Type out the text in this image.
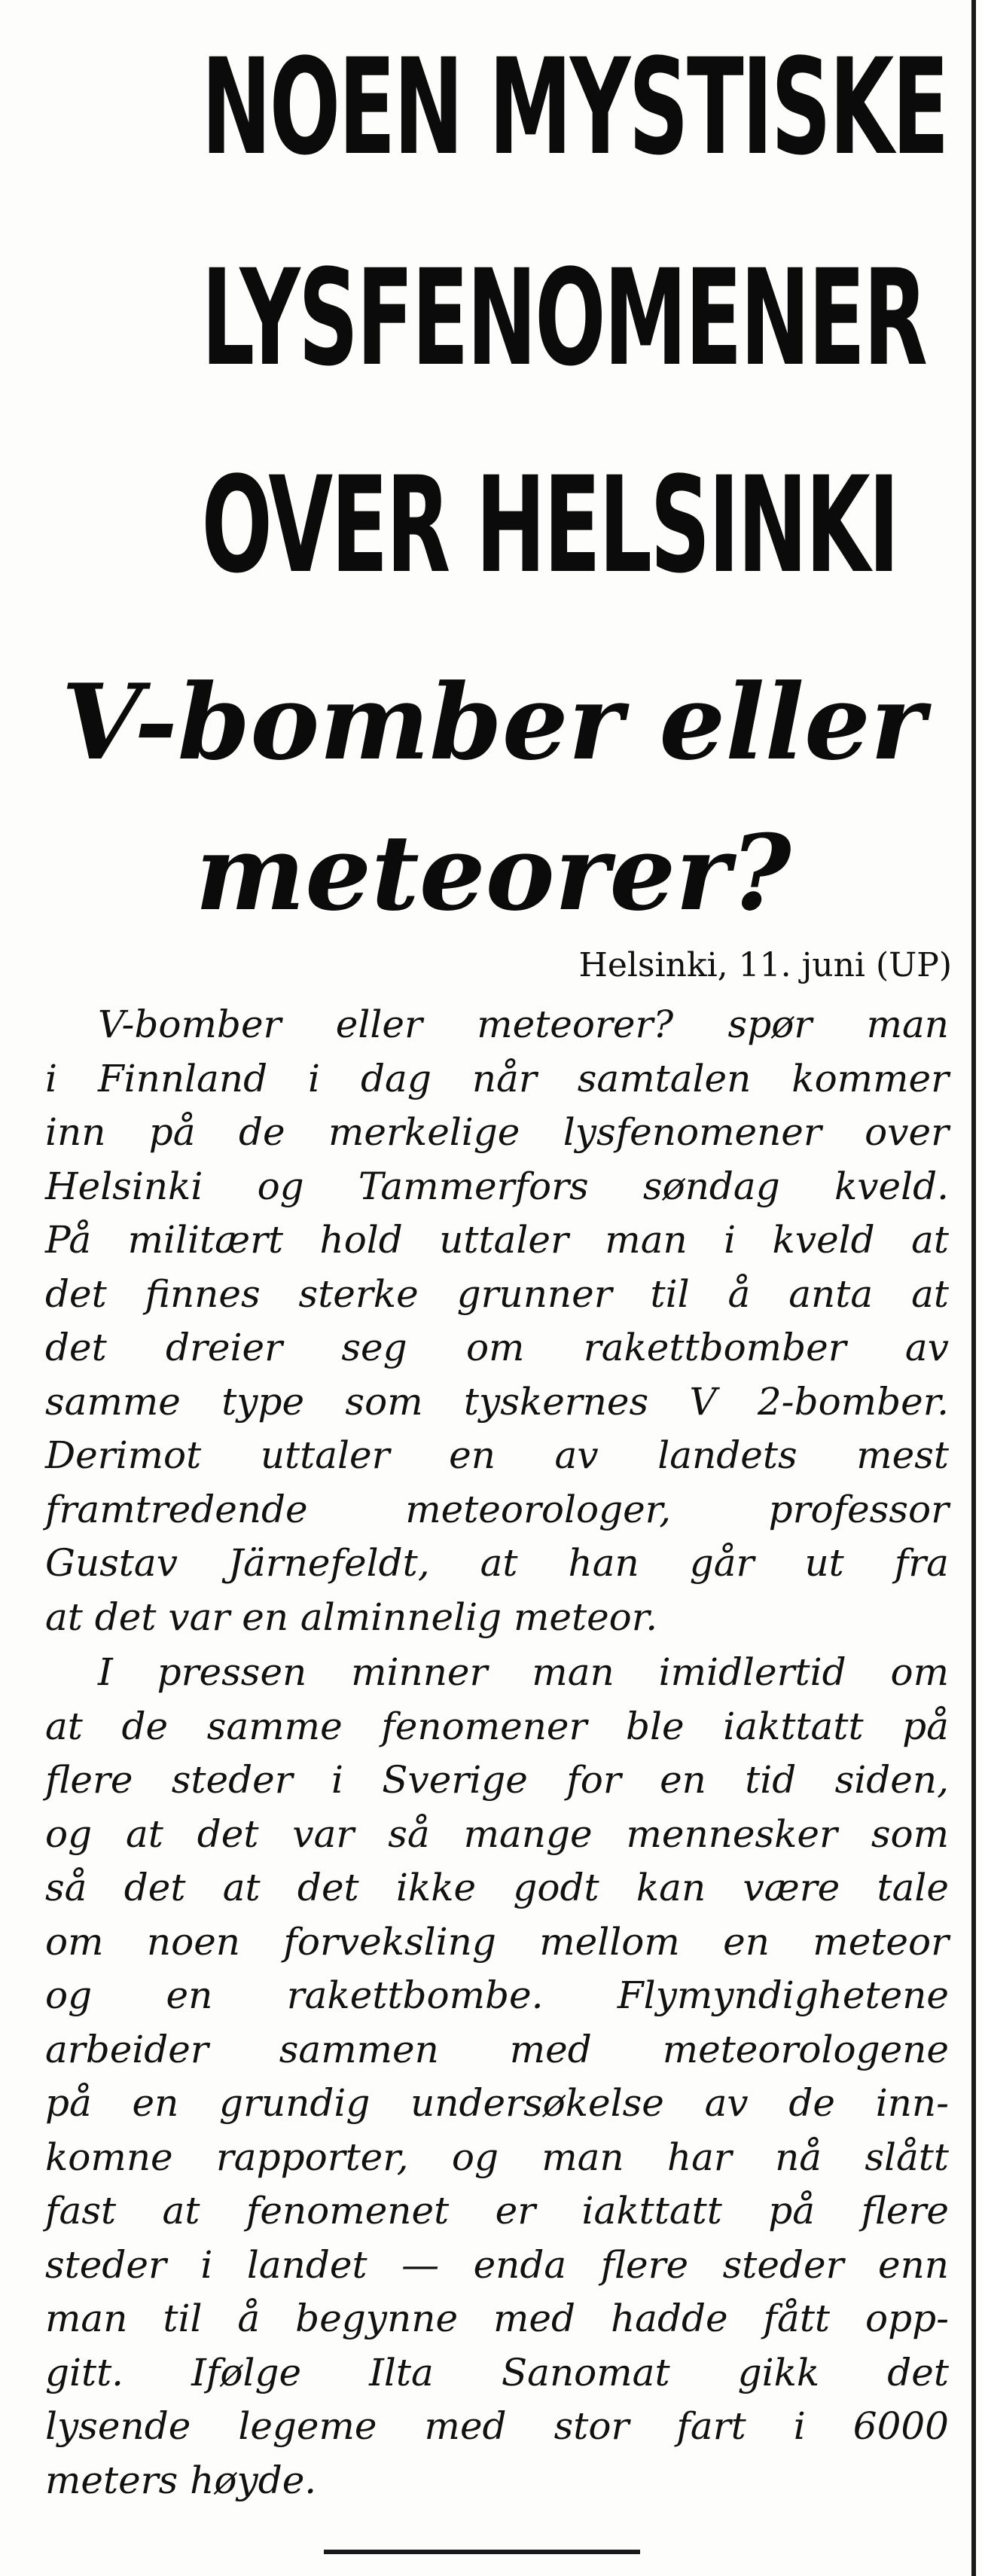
NOEN MYSTISKE
LYSFENOMENER
OVER HELSINKI
V-bomber eller
meteorer?
Helsinki, 11. juni (UP)
V-bomber eller meteorer? spør man
i Finnland i dag når samtalen kommer
inn på de merkelige lysfenomener over
Helsinki og Tammerfors søndag kveld.
På militært hold uttaler man i kveld at
det finnes sterke grunner til å anta at
det dreier seg om rakettbomber av
samme type som tyskernes V 2-bomber.
Derimot uttaler en av landets mest
framtredende meteorologer, professor
Gustav Järnefeldt, at han går ut fra
at det var en alminnelig meteor.
I pressen minner man imidlertid om
at de samme fenomener ble iakttatt på
flere steder i Sverige for en tid siden,
og at det var så mange mennesker som
så det at det ikke godt kan være tale
om noen forveksling mellom en meteor
og en rakettbombe. Flymyndighetene
arbeider sammen med meteorologene
på en grundig undersøkelse av de inn-
komne rapporter, og man har nå slått
fast at fenomenet er iakttatt på flere
steder i landet — enda flere steder enn
man til å begynne med hadde fått opp-
gitt. Ifølge Ilta Sanomat gikk det
lysende legeme med stor fart i 6000
meters høyde.
